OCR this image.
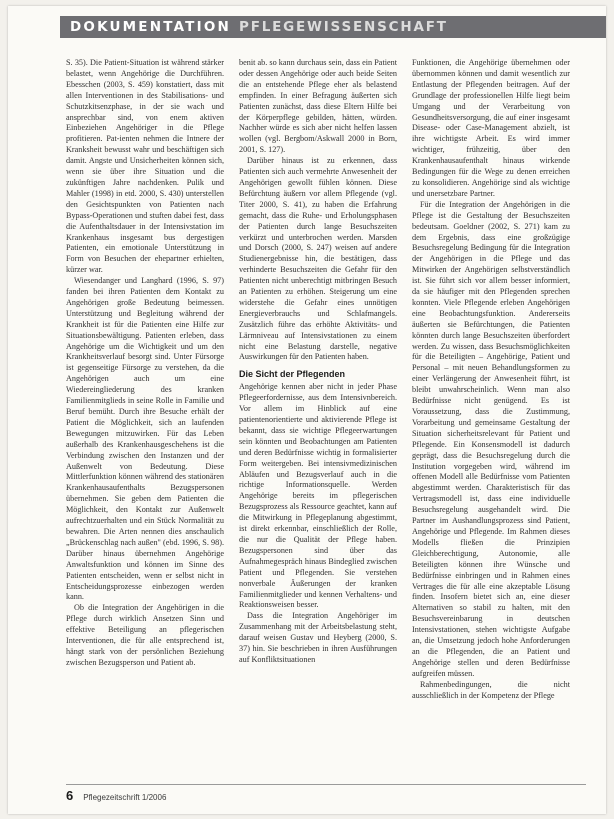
DOKUMENTATION PFLEGEWISSENSCHAFT

S. 35). Die Patient-Situation ist während stärker belastet, wenn Angehörige die Durchführen. Ebesschen (2003, S. 459) konstatiert, dass mit allen Interventionen in des Stabilisations- und Schutzkitsenzphase, in der sie wach und ansprechbar sind, von enem aktiven Einbeziehen Angehöriger in die Pflege profitieren. Pat-ienten nehmen die Intnere der Kranksheit bewusst wahr und beschäftigen sich damit. Angste und Unsicherheiten können sich, wenn sie über ihre Situation und die zukünftigen Jahre nachdenken. Pulik und Mahler (1998) in etd. 2000, S. 430) unterstellen den Gesichtspunkten von Patienten nach Bypass-Operationen und stuften dabei fest, dass die Aufenthaltsdauer in der Intensivstation im Krankenhaus insgesamt bus dergestigen Patienten, ein emotionale Unterstützung in Form von Besuchen der ehepartner erhielten, kürzer war.

Wiesendanger und Langhard (1996, S. 97) fanden bei ihren Patienten dem Kontakt zu Angehörigen große Bedeutung beimessen. Unterstützung und Begleitung während der Krankheit ist für die Patienten eine Hilfe zur Situationsbewältigung. Patienten erleben, dass Angehörige um die Wichtigkeit und um den Krankheitsverlauf besorgt sind. Unter Fürsorge ist gegenseitige Fürsorge zu verstehen, da die Angehörigen auch um eine Wiedereingliederung des kranken Familienmitglieds in seine Rolle in Familie und Beruf bemüht. Durch ihre Besuche erhält der Patient die Möglichkeit, sich an laufenden Bewegungen mitzuwirken. Für das Leben außerhalb des Krankenhausgeschehens ist die Verbindung zwischen den Instanzen und der Außenwelt von Bedeutung. Diese Mittlerfunktion können während des stationären Krankenhausaufenthalts Bezugspersonen übernehmen. Sie geben dem Patienten die Möglichkeit, den Kontakt zur Außenwelt aufrechtzuerhalten und ein Stück Normalität zu bewahren. Die Arten nennen dies anschaulich „Brückenschlag nach außen" (ebd. 1996, S. 98). Darüber hinaus übernehmen Angehörige Anwaltsfunktion und können im Sinne des Patienten entscheiden, wenn er selbst nicht in Entscheidungsprozesse einbezogen werden kann.

Ob die Integration der Angehörigen in die Pflege durch wirklich Ansetzen Sinn und effektive Beteiligung an pflegerischen Interventionen, die für alle entsprechend ist, hängt stark von der persönlichen Beziehung zwischen Bezugsperson und Patient ab.

benit ab. so kann durchaus sein, dass ein Patient oder dessen Angehörige oder auch beide Seiten die an entstehende Pflege eher als belastend empfinden. In einer Befragung äußerten sich Patienten zunächst, dass diese Eltern Hilfe bei der Körperpflege gebilden, hätten, würden. Nachher würde es sich aber nicht helfen lassen wollen (vgl. Bergbom/Askwall 2000 in Born, 2001, S. 127).

Darüber hinaus ist zu erkennen, dass Patienten sich auch vermehrte Anwesenheit der Angehörigen gewollt fühlen können. Diese Befürchtung äußern vor allem Pflegende (vgl. Titer 2000, S. 41), zu haben die Erfahrung gemacht, dass die Ruhe- und Erholungsphasen der Patienten durch lange Besuchszeiten verkürzt und unterbrochen werden. Marsden und Dorsch (2000, S. 247) weisen auf andere Studienergebnisse hin, die bestätigen, dass verhinderte Besuchszeiten die Gefahr für den Patienten nicht unberechtigt mitbringen Besuch an Patienten zu erhöhen. Steigerung um eine widerstehe die Gefahr eines unnötigen Energieverbrauchs und Schlafmangels. Zusätzlich führe das erhöhte Aktivitäts- und Lärmniveau auf Intensivstationen zu einem nicht eine Belastung darstelle, negative Auswirkungen für den Patienten haben.

Die Sicht der Pflegenden

Angehörige kennen aber nicht in jeder Phase Pflegeerfordernisse, aus dem Intensivnbereich. Vor allem im Hinblick auf eine patientenorientierte und aktivierende Pflege ist bekannt, dass sie wichtige Pflegeerwartungen sein könnten und Beobachtungen am Patienten und deren Bedürfnisse wichtig in formalisierter Form weitergeben. Bei intensivmedizinischen Abläufen und Bezugsverlauf auch in die richtige Informationsquelle. Werden Angehörige bereits im pflegerischen Bezugsprozess als Ressource geachtet, kann auf die Mitwirkung in Pflegeplanung abgestimmt, ist direkt erkennbar, einschließlich der Rolle, die nur die Qualität der Pflege haben. Bezugspersonen sind über das Aufnahmegespräch hinaus Bindeglied zwischen Patient und Pflegenden. Sie verstehen nonverbale Äußerungen der kranken Familienmitglieder und kennen Verhaltens- und Reaktionsweisen besser.

Dass die Integration Angehöriger im Zusammenhang mit der Arbeitsbelastung steht, darauf weisen Gustav und Heyberg (2000, S. 37) hin. Sie beschrieben in ihren Ausführungen auf Konfliktsituationen

Funktionen, die Angehörige übernehmen oder übernommen können und damit wesentlich zur Entlastung der Pflegenden beitragen. Auf der Grundlage der professionellen Hilfe liegt beim Umgang und der Verarbeitung von Gesundheitsversorgung, die auf einer insgesamt Disease- oder Case-Management abzielt, ist ihre wichtigste Arbeit. Es wird immer wichtiger, frühzeitig, über den Krankenhausaufenthalt hinaus wirkende Bedingungen für die Wege zu denen erreichen zu konsolidieren. Angehörige sind als wichtige und unersetzbare Partner.

Für die Integration der Angehörigen in die Pflege ist die Gestaltung der Besuchszeiten bedeutsam. Goeldner (2002, S. 271) kam zu dem Ergebnis, dass eine großzügige Besuchsregelung Bedingung für die Integration der Angehörigen in die Pflege und das Mitwirken der Angehörigen selbstverständlich ist. Sie führt sich vor allem besser informiert, da sie häufiger mit den Pflegenden sprechen konnten. Viele Pflegende erleben Angehörigen eine Beobachtungsfunktion. Andererseits äußerten sie Befürchtungen, die Patienten könnten durch lange Besuchszeiten überfordert werden. Zu wissen, dass Besuchsmöglichkeiten für die Beteiligten – Angehörige, Patient und Personal – mit neuen Behandlungsformen zu einer Verlängerung der Anwesenheit führt, ist bleibt unwahrscheinlich. Wenn man also Bedürfnisse nicht genügend. Es ist Voraussetzung, dass die Zustimmung, Vorarbeitung und gemeinsame Gestaltung der Situation sicherheitsrelevant für Patient und Pflegende. Ein Konsensmodell ist dadurch geprägt, dass die Besuchsregelung durch die Institution vorgegeben wird, während im offenen Modell alle Bedürfnisse vom Patienten abgestimmt werden. Charakteristisch für das Vertragsmodell ist, dass eine individuelle Besuchsregelung ausgehandelt wird. Die Partner im Aushandlungsprozess sind Patient, Angehörige und Pflegende. Im Rahmen dieses Modells fließen die Prinzipien Gleichberechtigung, Autonomie, alle Beteiligten können ihre Wünsche und Bedürfnisse einbringen und in Rahmen eines Vertrages die für alle eine akzeptable Lösung finden. Insofern bietet sich an, eine dieser Alternativen so stabil zu halten, mit den Besuchsvereinbarung in deutschen Intensivstationen, stehen wichtigste Aufgabe an, die Umsetzung jedoch hohe Anforderungen an die Pflegenden, die an Patient und Angehörige stellen und deren Bedürfnisse aufgreifen müssen.

Rahmenbedingungen, die nicht ausschließlich in der Kompetenz der Pflege

6 Pflegezeitschrift 1/2006
